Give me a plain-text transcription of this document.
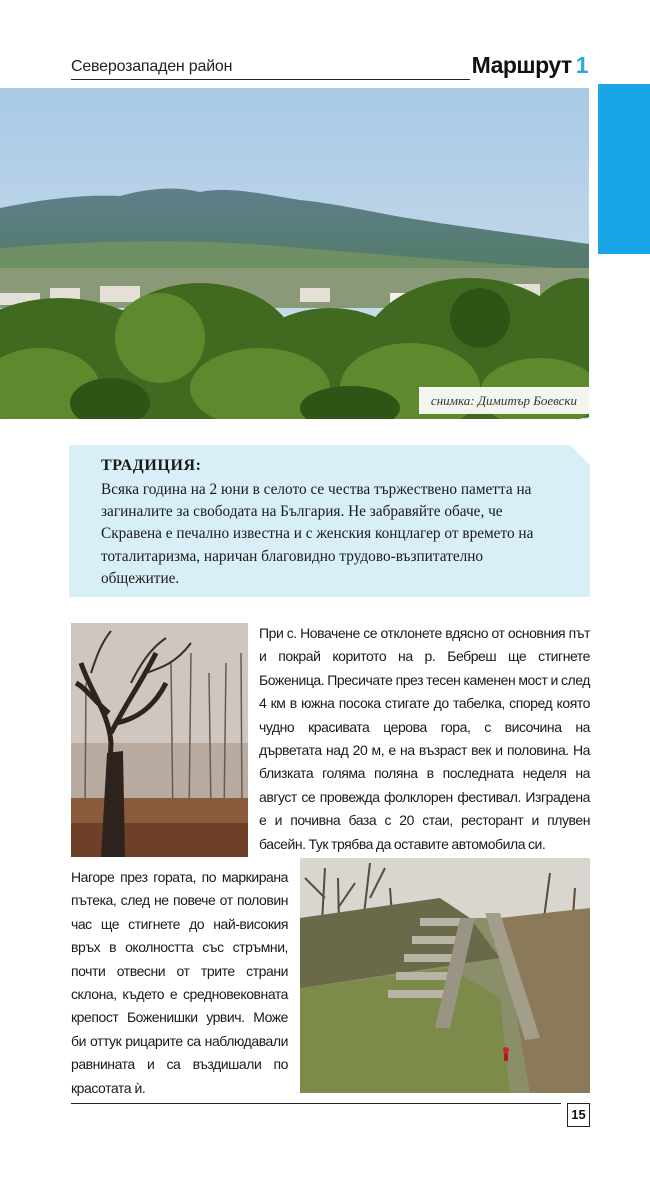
Северозападен район	Маршрут 1
снимка: Димитър Боевски
ТРАДИЦИЯ:
Всяка година на 2 юни в селото се чества тържествено паметта на загиналите за свободата на България. Не забравяйте обаче, че Скравена е печално известна и с женския концлагер от времето на тоталитаризма, наричан благовидно трудово-възпитателно общежитие.
При с. Новачене се отклонете вдясно от основния път и покрай коритото на р. Бебреш ще стигнете Боженица. Пресичате през тесен каменен мост и след 4 км в южна посока стигате до табелка, според която чудно красивата церова гора, с височина на дърветата над 20 м, е на възраст век и половина. На близката голяма поляна в последната неделя на август се провежда фолклорен фестивал. Изградена е и почивна база с 20 стаи, ресторант и плувен басейн. Тук трябва да оставите автомобила си.
Нагоре през гората, по маркирана пътека, след не повече от половин час ще стигнете до най-високия връх в околността със стръмни, почти отвесни от трите страни склона, където е средновековната крепост Боженишки урвич. Може би оттук рицарите са наблюдавали равнината и са въздишали по красотата ѝ.
15
